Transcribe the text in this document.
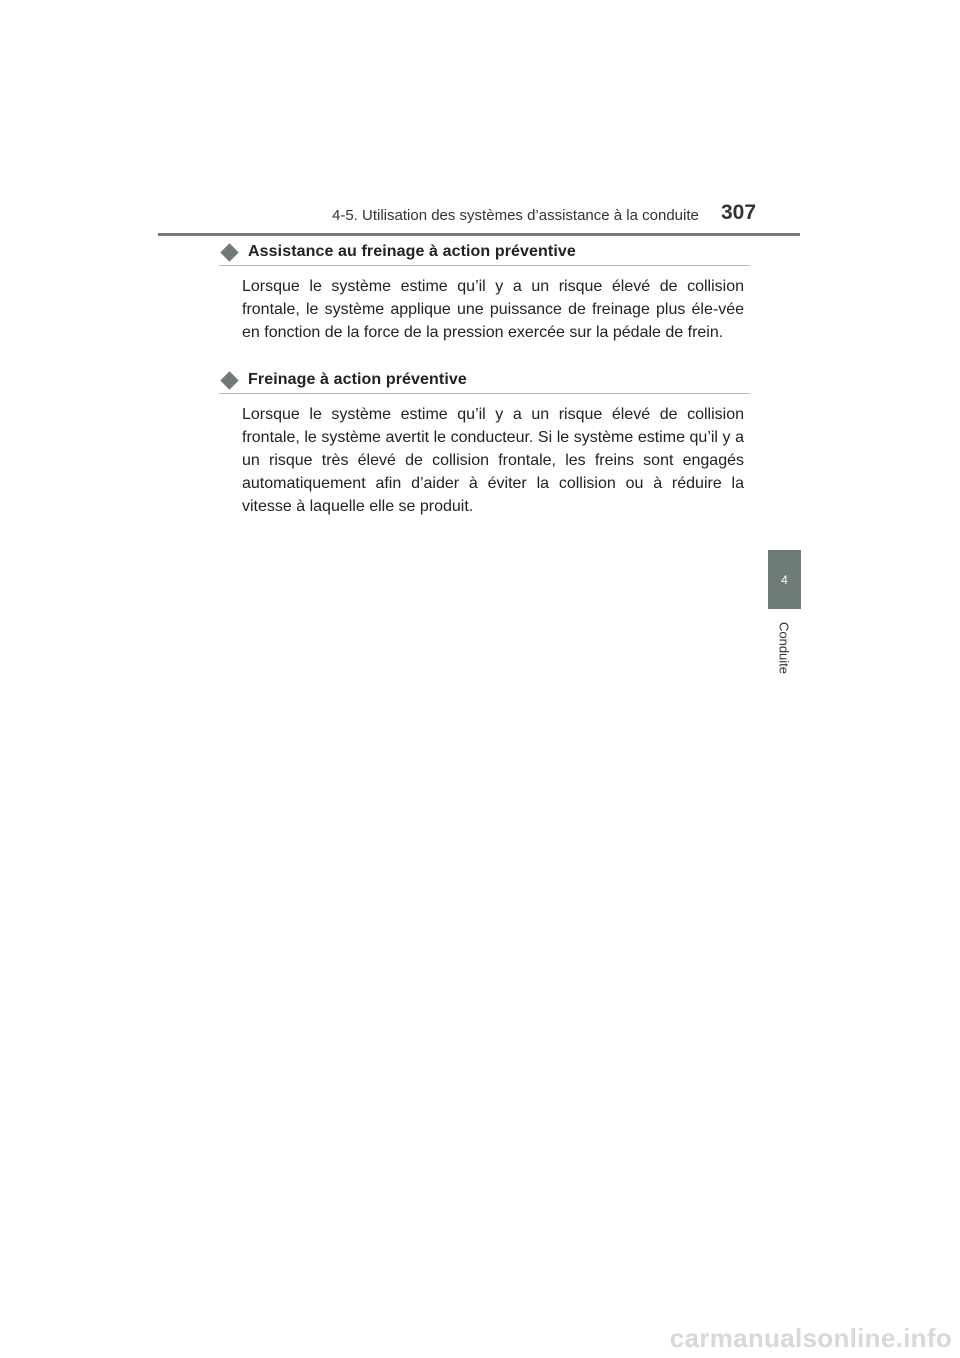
4-5. Utilisation des systèmes d’assistance à la conduite 307
Assistance au freinage à action préventive
Lorsque le système estime qu’il y a un risque élevé de collision frontale, le système applique une puissance de freinage plus éle-vée en fonction de la force de la pression exercée sur la pédale de frein.
Freinage à action préventive
Lorsque le système estime qu’il y a un risque élevé de collision frontale, le système avertit le conducteur. Si le système estime qu’il y a un risque très élevé de collision frontale, les freins sont engagés automatiquement afin d’aider à éviter la collision ou à réduire la vitesse à laquelle elle se produit.
4
Conduite
carmanualsonline.info
